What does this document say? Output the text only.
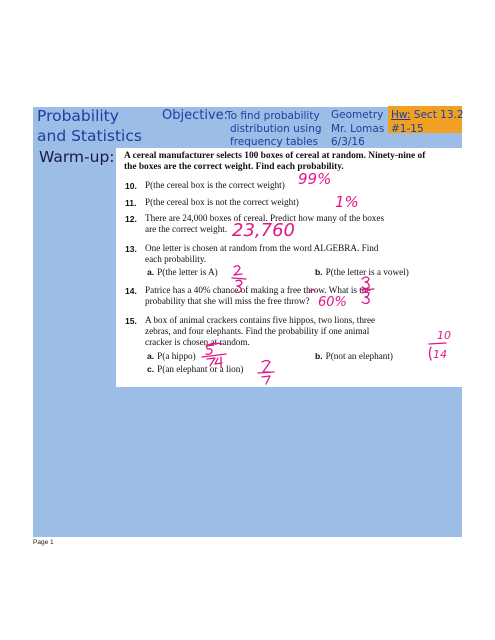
Probability
and Statistics
Warm-up:
Objective:
To find probability
distribution using
frequency tables
Geometry
Mr. Lomas
6/3/16
Hw: Sect 13.2
#1-15
A cereal manufacturer selects 100 boxes of cereal at random. Ninety-nine of
the boxes are the correct weight. Find each probability.
10. P(the cereal box is the correct weight)
11. P(the cereal box is not the correct weight)
12. There are 24,000 boxes of cereal. Predict how many of the boxes
are the correct weight.
13. One letter is chosen at random from the word ALGEBRA. Find
each probability.
a. P(the letter is A)	b. P(the letter is a vowel)
14. Patrice has a 40% chance of making a free throw. What is the
probability that she will miss the free throw?
15. A box of animal crackers contains five hippos, two lions, three
zebras, and four elephants. Find the probability if one animal
cracker is chosen at random.
a. P(a hippo)	b. P(not an elephant)
c. P(an elephant or a lion)
99%
1%
23,760
60%
10
14
Page 1
